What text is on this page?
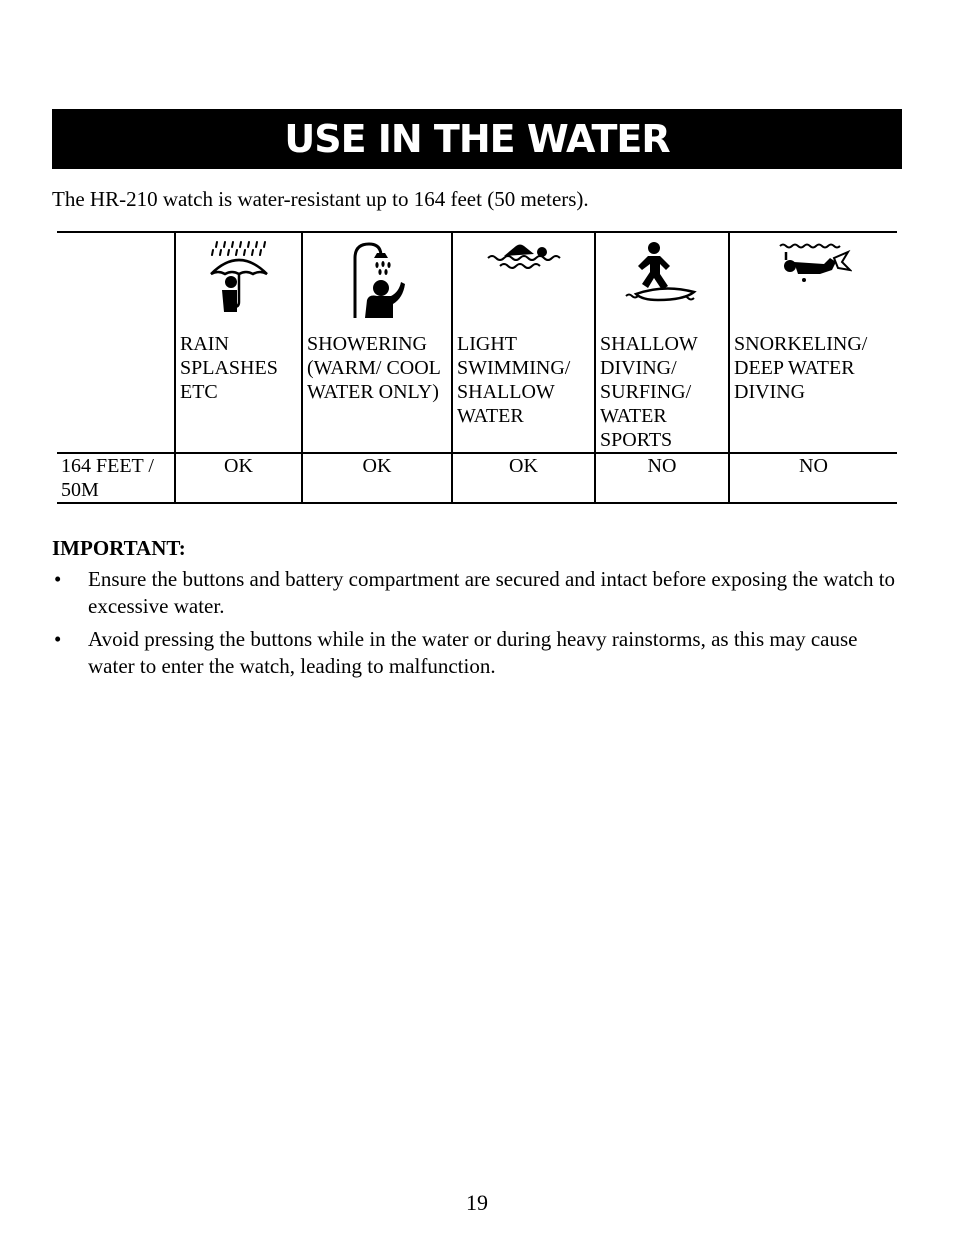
USE IN THE WATER

The HR-210 watch is water-resistant up to 164 feet (50 meters).

	RAIN SPLASHES ETC	SHOWERING (WARM/ COOL WATER ONLY)	LIGHT SWIMMING/ SHALLOW WATER	SHALLOW DIVING/ SURFING/ WATER SPORTS	SNORKELING/ DEEP WATER DIVING

164 FEET / 50M	OK	OK	OK	NO	NO

IMPORTANT:

• Ensure the buttons and battery compartment are secured and intact before exposing the watch to excessive water.
• Avoid pressing the buttons while in the water or during heavy rainstorms, as this may cause water to enter the watch, leading to malfunction.
19
